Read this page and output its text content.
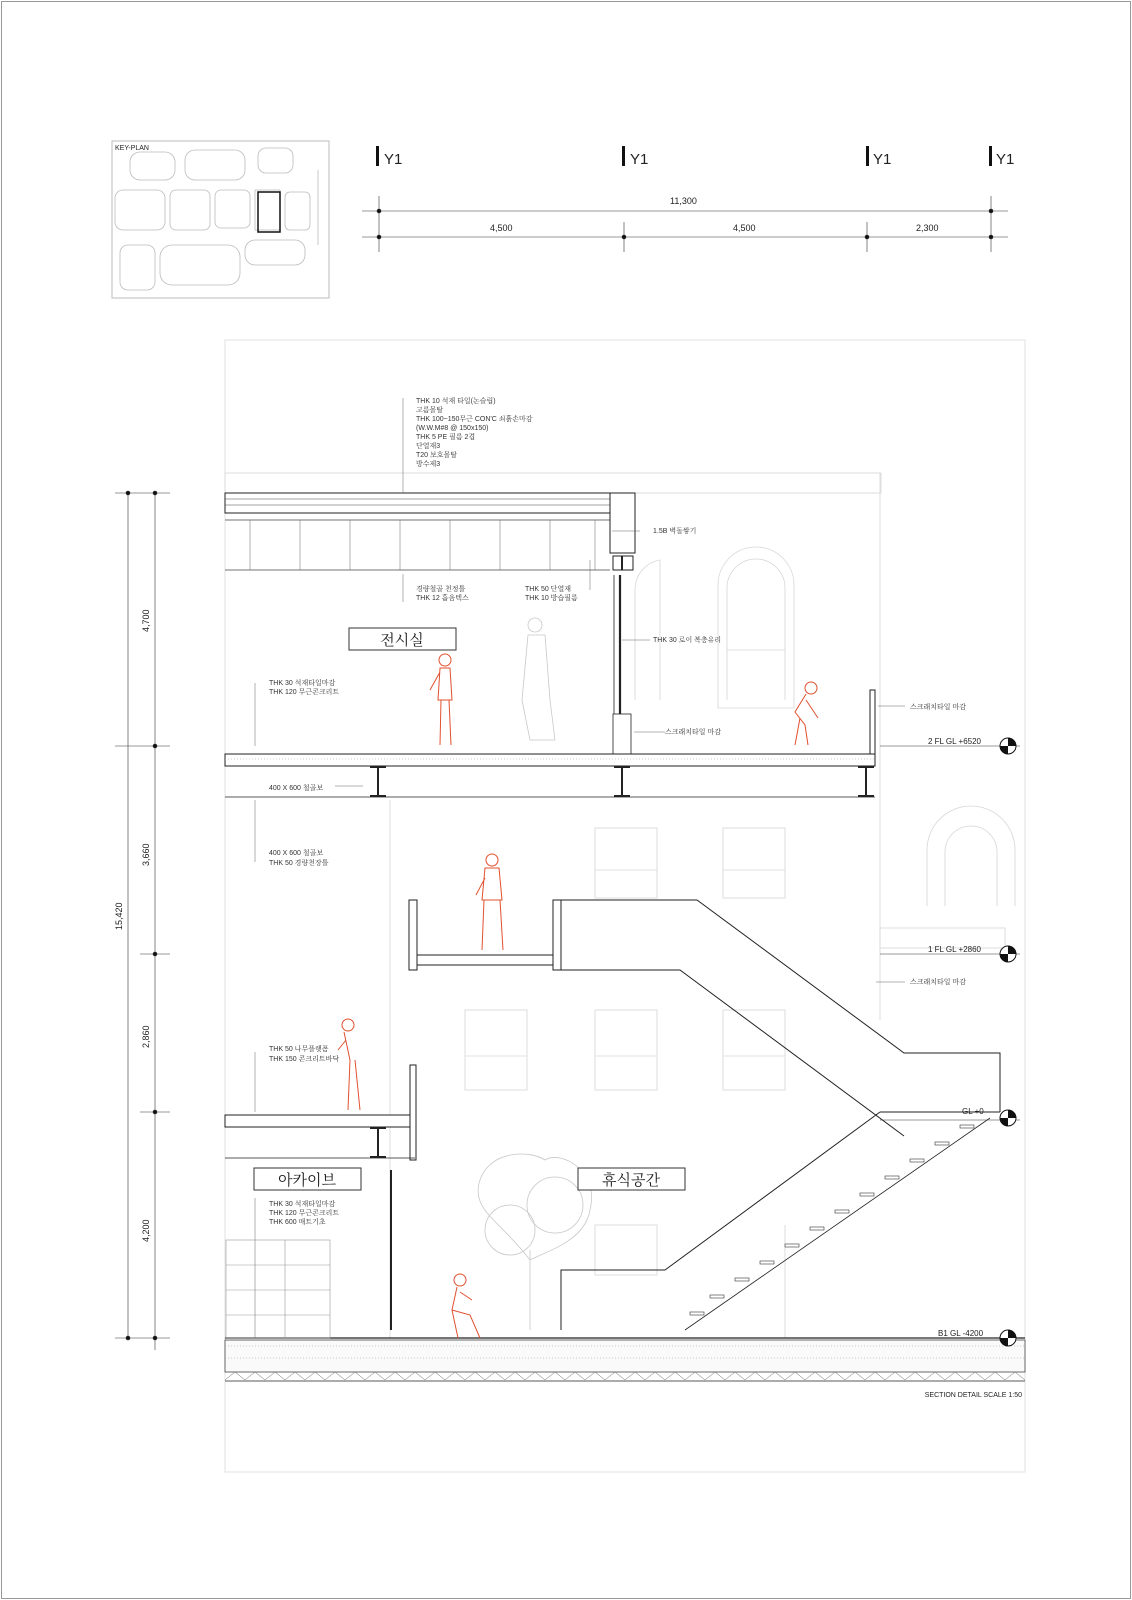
KEY-PLAN
Y1	Y1	Y1	Y1
11,300
4,500	4,500	2,300
15,420
4,700
3,660
2,860
4,200
2 FL GL +6520
1 FL GL +2860
GL +0
B1 GL -4200
전시실
아카이브	휴식공간
THK 10 석재 타일(논슬립)
고름몰탈
THK 100~150무근 CON'C 쇠흙손마감
(W.W.M#8 @ 150x150)
THK 5 PE 필름 2겹
단열재3
T20 보호몰탈
방수제3
1.5B 벽돌쌓기
경량철골 천정틀
THK 12 흡음텍스
THK 50 단열재
THK 10 방습필름
THK 30 로이 복층유리
THK 30 석재타일마감
THK 120 무근콘크리트
스크래치타일 마감
스크래치타일 마감
400 X 600 철골보
400 X 600 철골보
THK 50 경량천장틀
스크래치타일 마감
THK 50 나무플랫폼
THK 150 콘크리트바닥
THK 30 석재타일마감
THK 120 무근콘크리트
THK 600 매트기초
SECTION DETAIL SCALE 1:50
